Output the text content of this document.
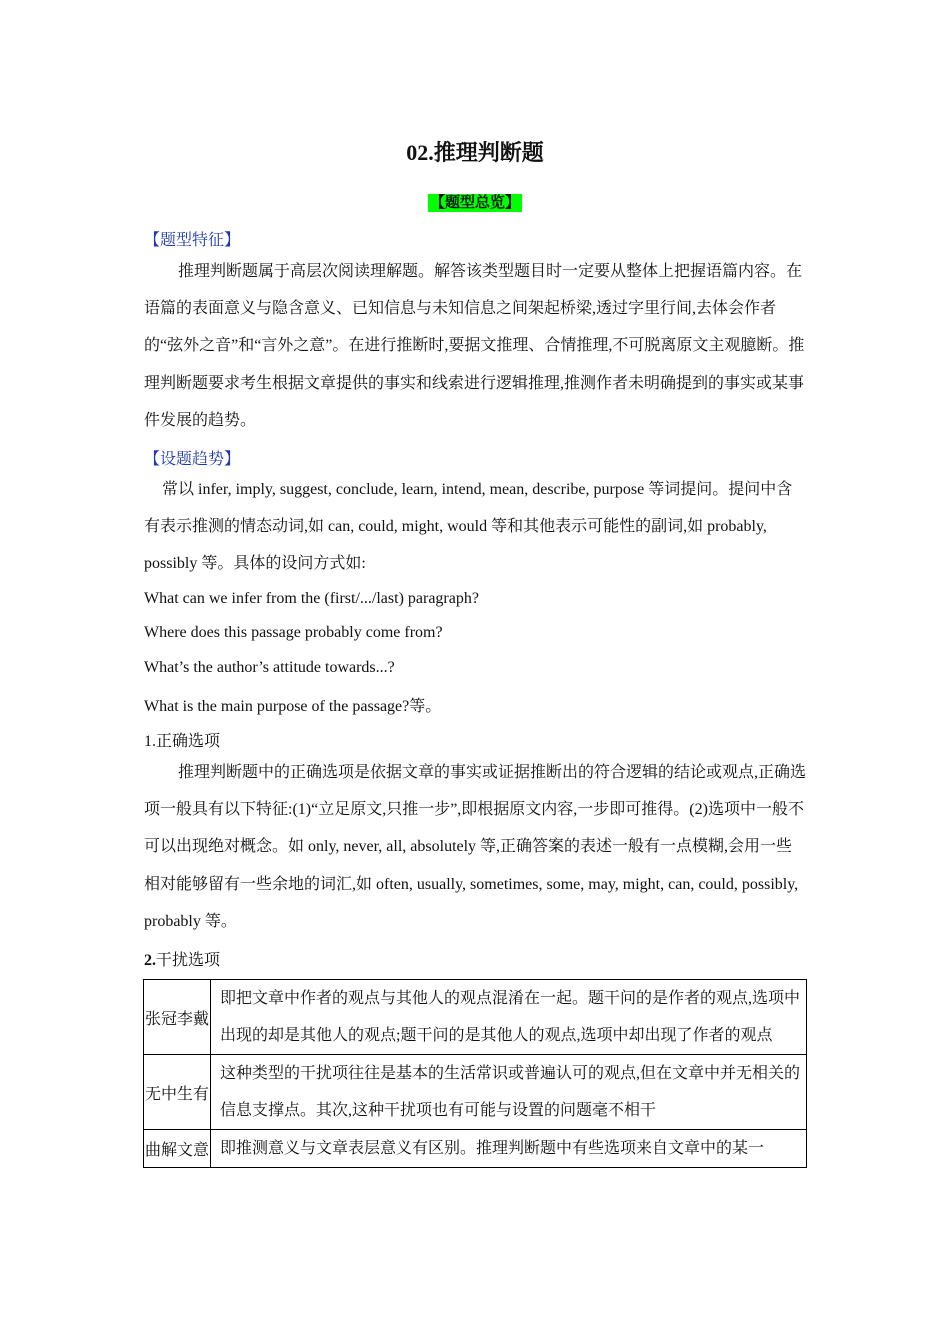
02.推理判断题
【题型总览】
【题型特征】
推理判断题属于高层次阅读理解题。解答该类型题目时一定要从整体上把握语篇内容。在语篇的表面意义与隐含意义、已知信息与未知信息之间架起桥梁,透过字里行间,去体会作者的“弦外之音”和“言外之意”。在进行推断时,要据文推理、合情推理,不可脱离原文主观臆断。推理判断题要求考生根据文章提供的事实和线索进行逻辑推理,推测作者未明确提到的事实或某事件发展的趋势。
【设题趋势】
常以 infer, imply, suggest, conclude, learn, intend, mean, describe, purpose 等词提问。提问中含有表示推测的情态动词,如 can, could, might, would 等和其他表示可能性的副词,如 probably, possibly 等。具体的设问方式如:
What can we infer from the (first/.../last) paragraph?
Where does this passage probably come from?
What’s the author’s attitude towards...?
What is the main purpose of the passage?等。
1.正确选项
推理判断题中的正确选项是依据文章的事实或证据推断出的符合逻辑的结论或观点,正确选项一般具有以下特征:(1)“立足原文,只推一步”,即根据原文内容,一步即可推得。(2)选项中一般不可以出现绝对概念。如 only, never, all, absolutely 等,正确答案的表述一般有一点模糊,会用一些相对能够留有一些余地的词汇,如 often, usually, sometimes, some, may, might, can, could, possibly, probably 等。
2.干扰选项
张冠李戴	即把文章中作者的观点与其他人的观点混淆在一起。题干问的是作者的观点,选项中出现的却是其他人的观点;题干问的是其他人的观点,选项中却出现了作者的观点
无中生有	这种类型的干扰项往往是基本的生活常识或普遍认可的观点,但在文章中并无相关的信息支撑点。其次,这种干扰项也有可能与设置的问题毫不相干
曲解文意	即推测意义与文章表层意义有区别。推理判断题中有些选项来自文章中的某一
